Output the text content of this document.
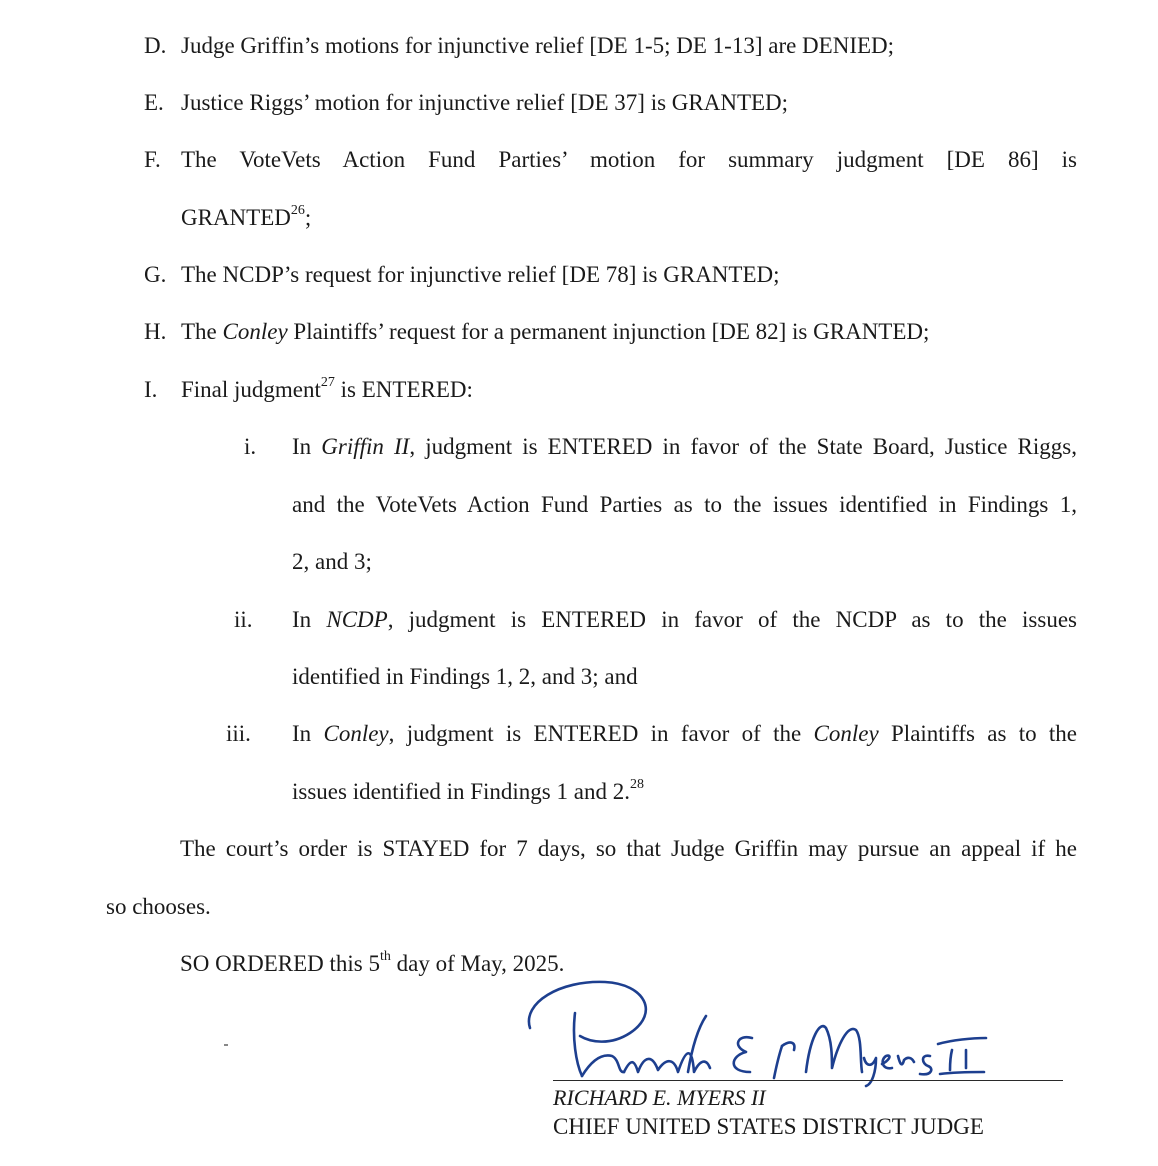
D. Judge Griffin’s motions for injunctive relief [DE 1-5; DE 1-13] are DENIED;
E. Justice Riggs’ motion for injunctive relief [DE 37] is GRANTED;
F. The VoteVets Action Fund Parties’ motion for summary judgment [DE 86] is
GRANTED$^{26}$;
G. The NCDP’s request for injunctive relief [DE 78] is GRANTED;
H. The Conley Plaintiffs’ request for a permanent injunction [DE 82] is GRANTED;
I. Final judgment$^{27}$ is ENTERED:
i. In Griffin II, judgment is ENTERED in favor of the State Board, Justice Riggs,
and the VoteVets Action Fund Parties as to the issues identified in Findings 1,
2, and 3;
ii. In NCDP, judgment is ENTERED in favor of the NCDP as to the issues
identified in Findings 1, 2, and 3; and
iii. In Conley, judgment is ENTERED in favor of the Conley Plaintiffs as to the
issues identified in Findings 1 and 2.28
The court’s order is STAYED for 7 days, so that Judge Griffin may pursue an appeal if he
so chooses.
SO ORDERED this 5th day of May, 2025.
RICHARD E. MYERS II
CHIEF UNITED STATES DISTRICT JUDGE
